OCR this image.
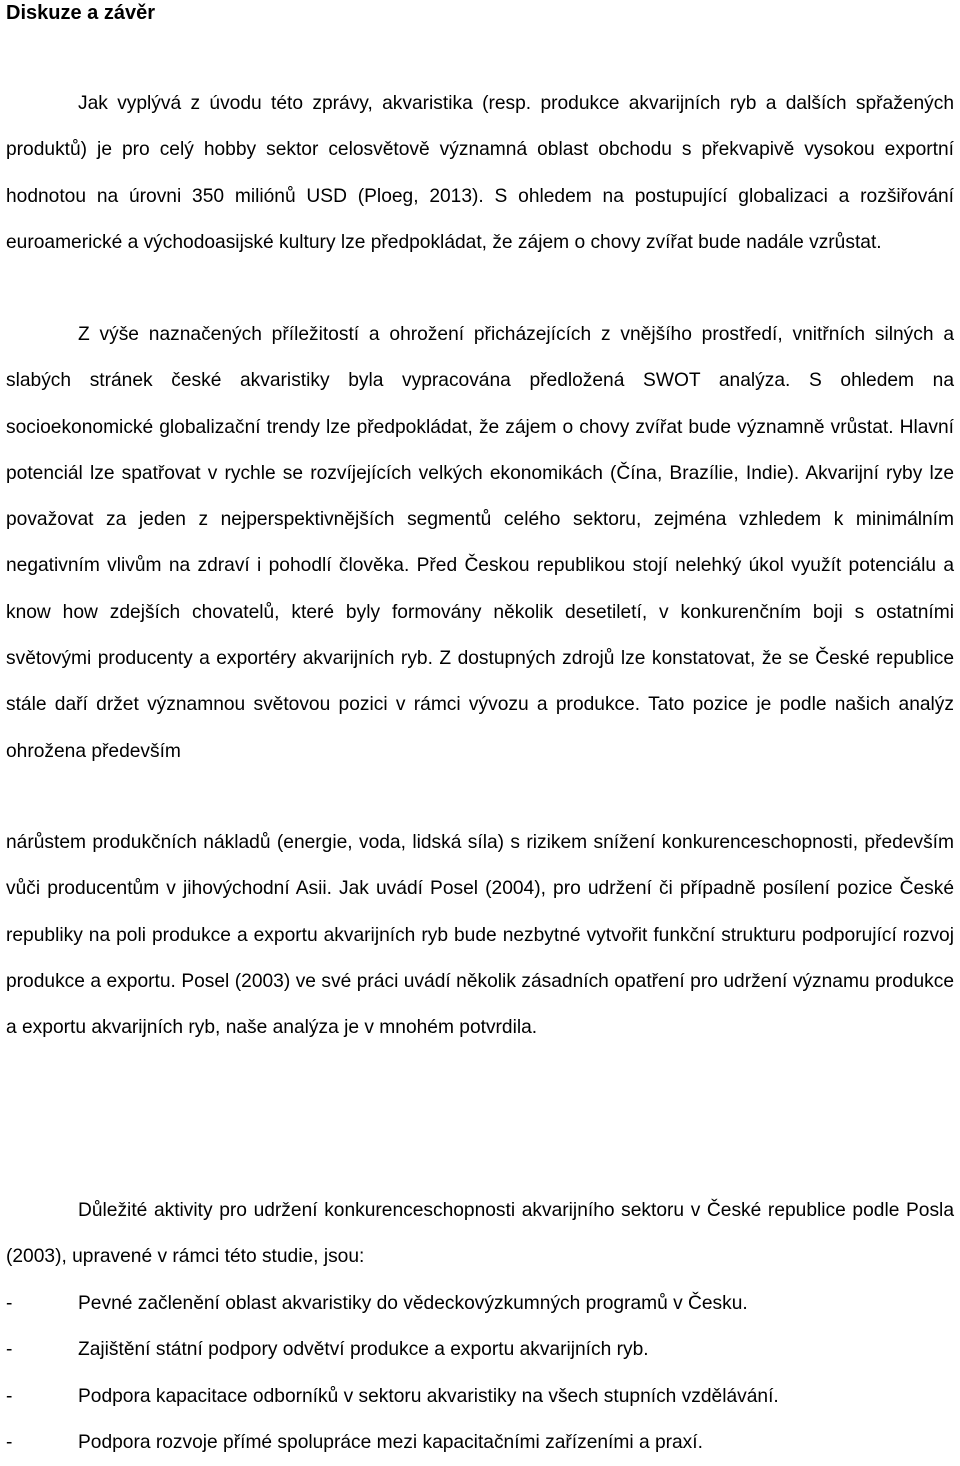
Diskuze a závěr

Jak vyplývá z úvodu této zprávy, akvaristika (resp. produkce akvarijních ryb a dalších spřažených produktů) je pro celý hobby sektor celosvětově významná oblast obchodu s překvapivě vysokou exportní hodnotou na úrovni 350 miliónů USD (Ploeg, 2013). S ohledem na postupující globalizaci a rozšiřování euroamerické a východoasijské kultury lze předpokládat, že zájem o chovy zvířat bude nadále vzrůstat.

Z výše naznačených příležitostí a ohrožení přicházejících z vnějšího prostředí, vnitřních silných a slabých stránek české akvaristiky byla vypracována předložená SWOT analýza. S ohledem na socioekonomické globalizační trendy lze předpokládat, že zájem o chovy zvířat bude významně vrůstat. Hlavní potenciál lze spatřovat v rychle se rozvíjejících velkých ekonomikách (Čína, Brazílie, Indie). Akvarijní ryby lze považovat za jeden z nejperspektivnějších segmentů celého sektoru, zejména vzhledem k minimálním negativním vlivům na zdraví i pohodlí člověka. Před Českou republikou stojí nelehký úkol využít potenciálu a know how zdejších chovatelů, které byly formovány několik desetiletí, v konkurenčním boji s ostatními světovými producenty a exportéry akvarijních ryb. Z dostupných zdrojů lze konstatovat, že se České republice stále daří držet významnou světovou pozici v rámci vývozu a produkce. Tato pozice je podle našich analýz ohrožena především

nárůstem produkčních nákladů (energie, voda, lidská síla) s rizikem snížení konkurenceschopnosti, především vůči producentům v jihovýchodní Asii. Jak uvádí Posel (2004), pro udržení či případně posílení pozice České republiky na poli produkce a exportu akvarijních ryb bude nezbytné vytvořit funkční strukturu podporující rozvoj produkce a exportu. Posel (2003) ve své práci uvádí několik zásadních opatření pro udržení významu produkce a exportu akvarijních ryb, naše analýza je v mnohém potvrdila.

Důležité aktivity pro udržení konkurenceschopnosti akvarijního sektoru v České republice podle Posla (2003), upravené v rámci této studie, jsou:

-	Pevné začlenění oblast akvaristiky do vědeckovýzkumných programů v Česku.
-	Zajištění státní podpory odvětví produkce a exportu akvarijních ryb.
-	Podpora kapacitace odborníků v sektoru akvaristiky na všech stupních vzdělávání.
-	Podpora rozvoje přímé spolupráce mezi kapacitačními zařízeními a praxí.
